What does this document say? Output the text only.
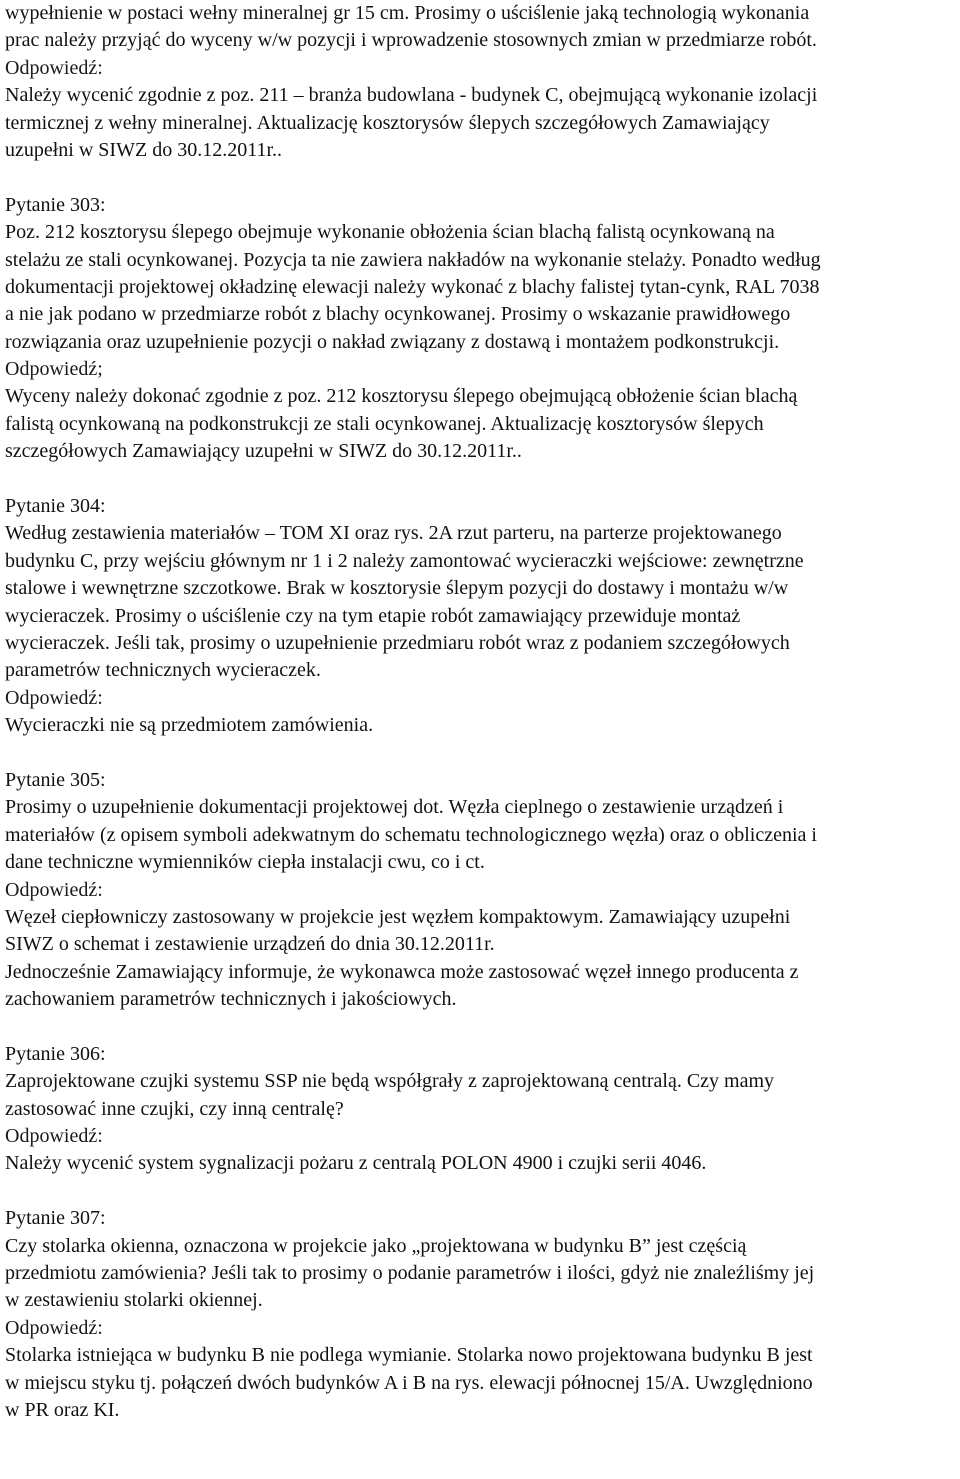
wypełnienie w postaci wełny mineralnej gr 15 cm. Prosimy o uściślenie jaką technologią wykonania
prac należy przyjąć do wyceny w/w pozycji i wprowadzenie stosownych zmian w przedmiarze robót.
Odpowiedź:
Należy wycenić zgodnie z poz. 211 – branża budowlana - budynek C, obejmującą wykonanie izolacji
termicznej z wełny mineralnej. Aktualizację kosztorysów ślepych szczegółowych Zamawiający
uzupełni w SIWZ do 30.12.2011r..
Pytanie 303:
Poz. 212 kosztorysu ślepego obejmuje wykonanie obłożenia ścian blachą falistą ocynkowaną na
stelażu ze stali ocynkowanej. Pozycja ta nie zawiera nakładów na wykonanie stelaży. Ponadto według
dokumentacji projektowej okładzinę elewacji należy wykonać z blachy falistej tytan-cynk, RAL 7038
a nie jak podano w przedmiarze robót z blachy ocynkowanej. Prosimy o wskazanie prawidłowego
rozwiązania oraz uzupełnienie pozycji o nakład związany z dostawą i montażem podkonstrukcji.
Odpowiedź;
Wyceny należy dokonać zgodnie z poz. 212 kosztorysu ślepego obejmującą obłożenie ścian blachą
falistą ocynkowaną na podkonstrukcji ze stali ocynkowanej. Aktualizację kosztorysów ślepych
szczegółowych Zamawiający uzupełni w SIWZ do 30.12.2011r..
Pytanie 304:
Według zestawienia materiałów – TOM XI oraz rys. 2A rzut parteru, na parterze projektowanego
budynku C, przy wejściu głównym nr 1 i 2 należy zamontować wycieraczki wejściowe: zewnętrzne
stalowe i wewnętrzne szczotkowe. Brak w kosztorysie ślepym pozycji do dostawy i montażu w/w
wycieraczek. Prosimy o uściślenie czy na tym etapie robót zamawiający przewiduje montaż
wycieraczek. Jeśli tak, prosimy o uzupełnienie przedmiaru robót wraz z podaniem szczegółowych
parametrów technicznych wycieraczek.
Odpowiedź:
Wycieraczki nie są przedmiotem zamówienia.
Pytanie 305:
Prosimy o uzupełnienie dokumentacji projektowej dot. Węzła cieplnego o zestawienie urządzeń i
materiałów (z opisem symboli adekwatnym do schematu technologicznego węzła) oraz o obliczenia i
dane techniczne wymienników ciepła instalacji cwu, co i ct.
Odpowiedź:
Węzeł ciepłowniczy zastosowany w projekcie jest węzłem kompaktowym. Zamawiający uzupełni
SIWZ o schemat i zestawienie urządzeń do dnia 30.12.2011r.
Jednocześnie Zamawiający informuje, że wykonawca może zastosować węzeł innego producenta z
zachowaniem parametrów technicznych i jakościowych.
Pytanie 306:
Zaprojektowane czujki systemu SSP nie będą współgrały z zaprojektowaną centralą. Czy mamy
zastosować inne czujki, czy inną centralę?
Odpowiedź:
Należy wycenić system sygnalizacji pożaru z centralą POLON 4900 i czujki serii 4046.
Pytanie 307:
Czy stolarka okienna, oznaczona w projekcie jako „projektowana w budynku B” jest częścią
przedmiotu zamówienia? Jeśli tak to prosimy o podanie parametrów i ilości, gdyż nie znaleźliśmy jej
w zestawieniu stolarki okiennej.
Odpowiedź:
Stolarka istniejąca w budynku B nie podlega wymianie. Stolarka nowo projektowana budynku B jest
w miejscu styku tj. połączeń dwóch budynków A i B na rys. elewacji północnej 15/A. Uwzględniono
w PR oraz KI.
